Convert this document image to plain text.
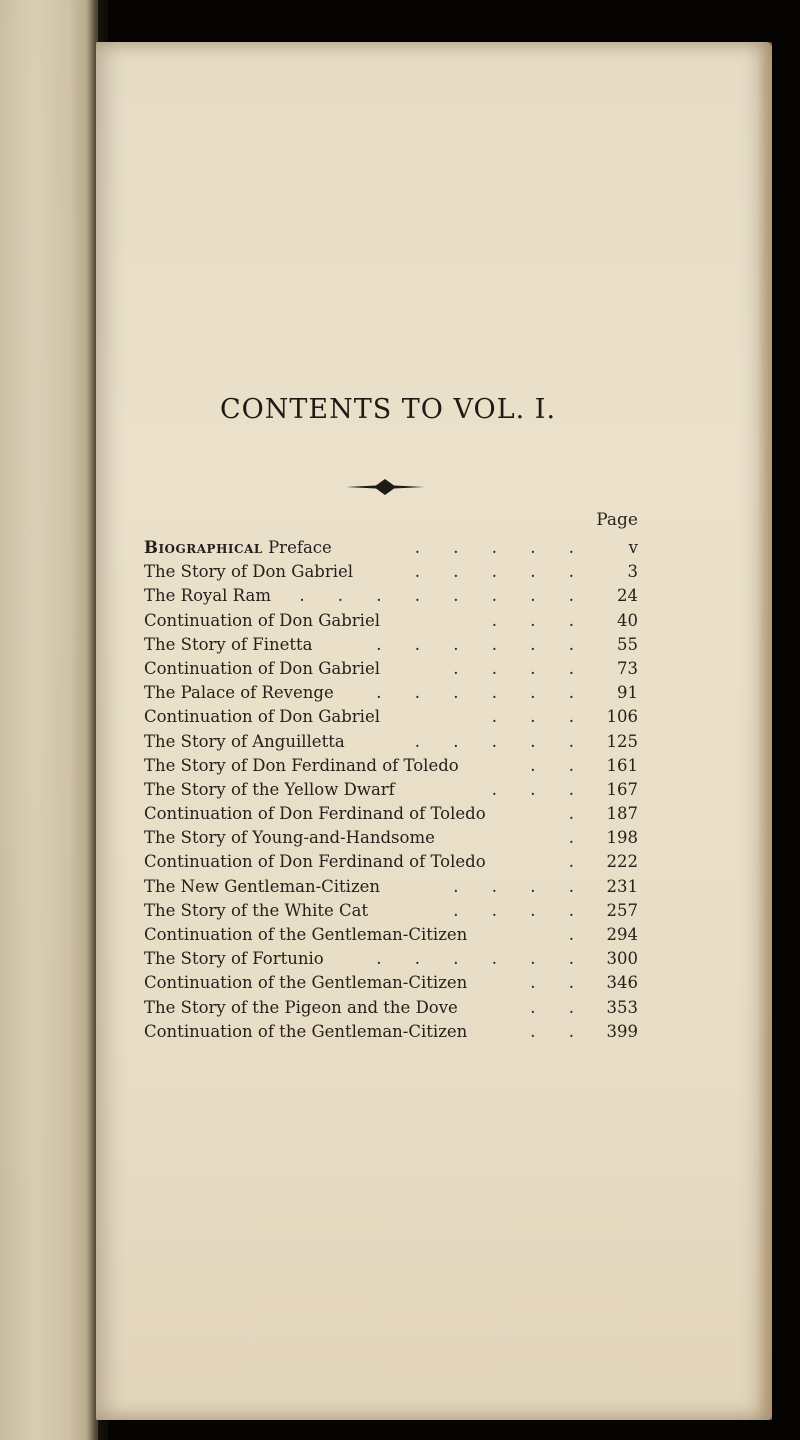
CONTENTS TO VOL. I.
Page
Biographical Preface	. . . . .	v
The Story of Don Gabriel	. . . . .	3
The Royal Ram . . . . . . . .	24
Continuation of Don Gabriel	. . .	40
The Story of Finetta	. . . . . .	55
Continuation of Don Gabriel	. . . .	73
The Palace of Revenge	. . . . . .	91
Continuation of Don Gabriel	. . .	106
The Story of Anguilletta	. . . . .	125
The Story of Don Ferdinand of Toledo	. .	161
The Story of the Yellow Dwarf	. . .	167
Continuation of Don Ferdinand of Toledo	.	187
The Story of Young-and-Handsome	.	198
Continuation of Don Ferdinand of Toledo	.	222
The New Gentleman-Citizen	. . . .	231
The Story of the White Cat	. . . .	257
Continuation of the Gentleman-Citizen	.	294
The Story of Fortunio	. . . . . .	300
Continuation of the Gentleman-Citizen	. .	346
The Story of the Pigeon and the Dove	. .	353
Continuation of the Gentleman-Citizen	. .	399
